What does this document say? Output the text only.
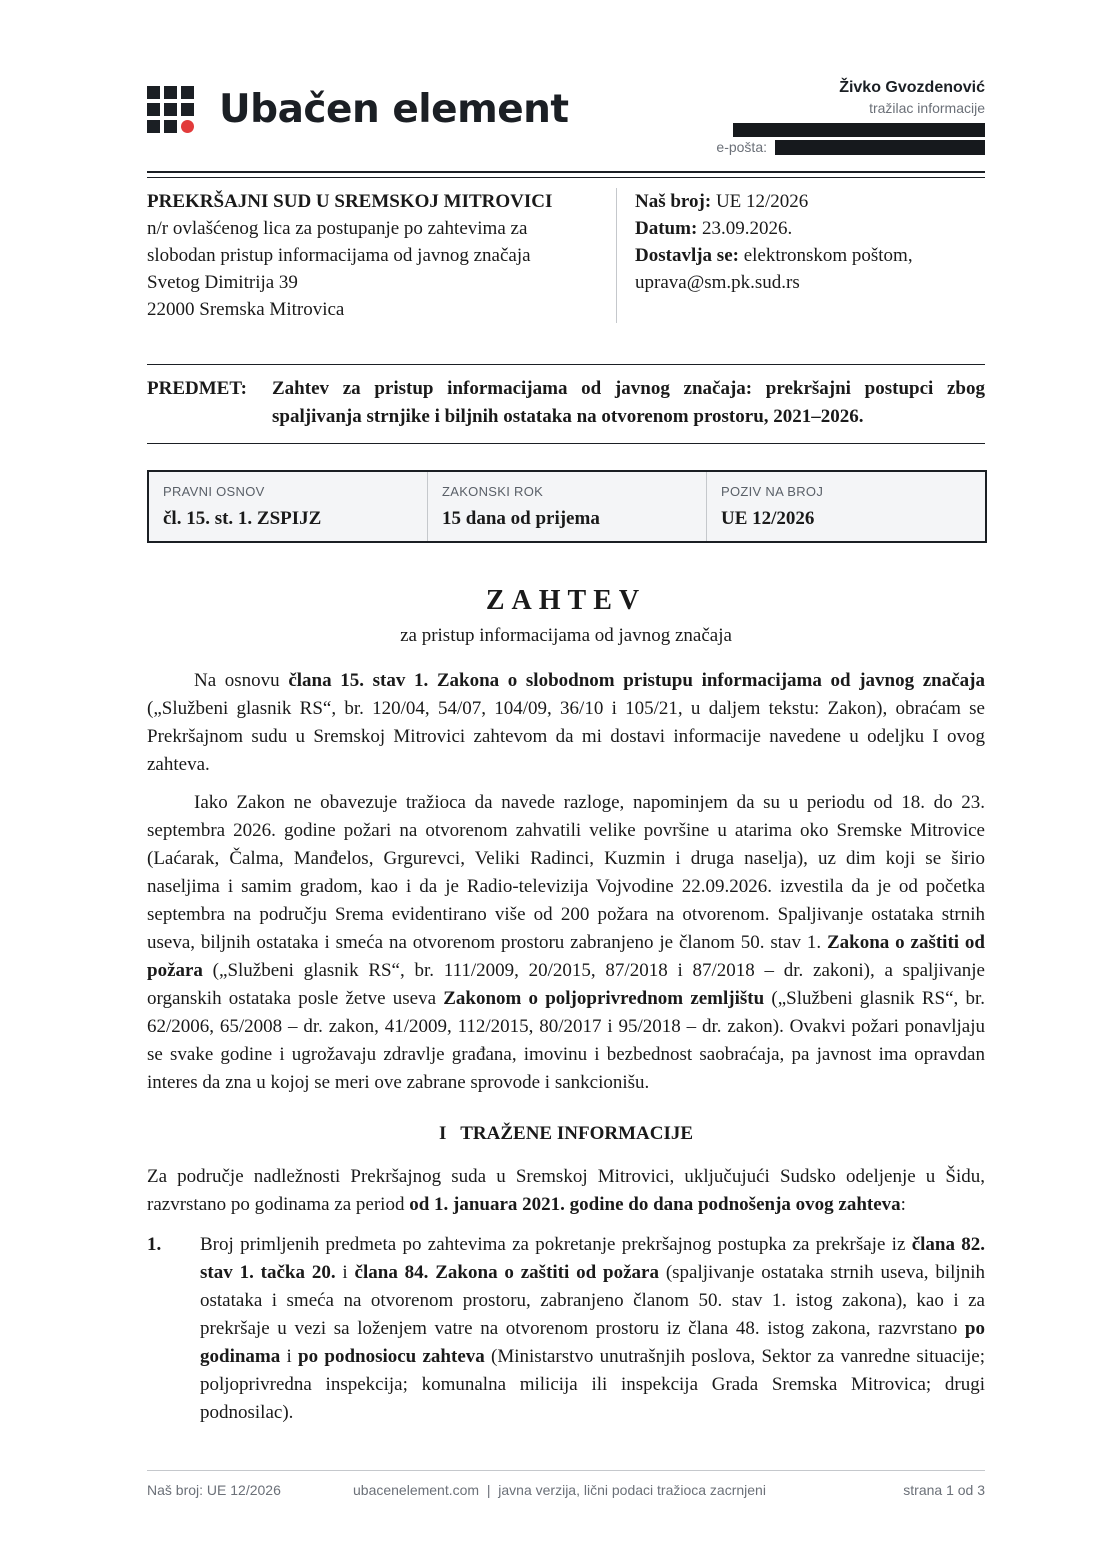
Ubačen element	Živko Gvozdenović
tražilac informacije
e-pošta:
PREKRŠAJNI SUD U SREMSKOJ MITROVICI
n/r ovlašćenog lica za postupanje po zahtevima za
slobodan pristup informacijama od javnog značaja
Svetog Dimitrija 39
22000 Sremska Mitrovica
Naš broj: UE 12/2026
Datum: 23.09.2026.
Dostavlja se: elektronskom poštom,
uprava@sm.pk.sud.rs
PREDMET:	Zahtev za pristup informacijama od javnog značaja: prekršajni postupci zbog spaljivanja strnjike i biljnih ostataka na otvorenom prostoru, 2021–2026.
PRAVNI OSNOV
čl. 15. st. 1. ZSPIJZ
ZAKONSKI ROK
15 dana od prijema
POZIV NA BROJ
UE 12/2026
ZAHTEV
za pristup informacijama od javnog značaja
Na osnovu člana 15. stav 1. Zakona o slobodnom pristupu informacijama od javnog značaja („Službeni glasnik RS“, br. 120/04, 54/07, 104/09, 36/10 i 105/21, u daljem tekstu: Zakon), obraćam se Prekršajnom sudu u Sremskoj Mitrovici zahtevom da mi dostavi informacije navedene u odeljku I ovog zahteva.
Iako Zakon ne obavezuje tražioca da navede razloge, napominjem da su u periodu od 18. do 23. septembra 2026. godine požari na otvorenom zahvatili velike površine u atarima oko Sremske Mitrovice (Laćarak, Čalma, Manđelos, Grgurevci, Veliki Radinci, Kuzmin i druga naselja), uz dim koji se širio naseljima i samim gradom, kao i da je Radio-televizija Vojvodine 22.09.2026. izvestila da je od početka septembra na području Srema evidentirano više od 200 požara na otvorenom. Spaljivanje ostataka strnih useva, biljnih ostataka i smeća na otvorenom prostoru zabranjeno je članom 50. stav 1. Zakona o zaštiti od požara („Službeni glasnik RS“, br. 111/2009, 20/2015, 87/2018 i 87/2018 – dr. zakoni), a spaljivanje organskih ostataka posle žetve useva Zakonom o poljoprivrednom zemljištu („Službeni glasnik RS“, br. 62/2006, 65/2008 – dr. zakon, 41/2009, 112/2015, 80/2017 i 95/2018 – dr. zakon). Ovakvi požari ponavljaju se svake godine i ugrožavaju zdravlje građana, imovinu i bezbednost saobraćaja, pa javnost ima opravdan interes da zna u kojoj se meri ove zabrane sprovode i sankcionišu.
I   TRAŽENE INFORMACIJE
Za područje nadležnosti Prekršajnog suda u Sremskoj Mitrovici, uključujući Sudsko odeljenje u Šidu, razvrstano po godinama za period od 1. januara 2021. godine do dana podnošenja ovog zahteva:
1.	Broj primljenih predmeta po zahtevima za pokretanje prekršajnog postupka za prekršaje iz člana 82. stav 1. tačka 20. i člana 84. Zakona o zaštiti od požara (spaljivanje ostataka strnih useva, biljnih ostataka i smeća na otvorenom prostoru, zabranjeno članom 50. stav 1. istog zakona), kao i za prekršaje u vezi sa loženjem vatre na otvorenom prostoru iz člana 48. istog zakona, razvrstano po godinama i po podnosiocu zahteva (Ministarstvo unutrašnjih poslova, Sektor za vanredne situacije; poljoprivredna inspekcija; komunalna milicija ili inspekcija Grada Sremska Mitrovica; drugi podnosilac).
Naš broj: UE 12/2026	ubacenelement.com  |  javna verzija, lični podaci tražioca zacrnjeni	strana 1 od 3
